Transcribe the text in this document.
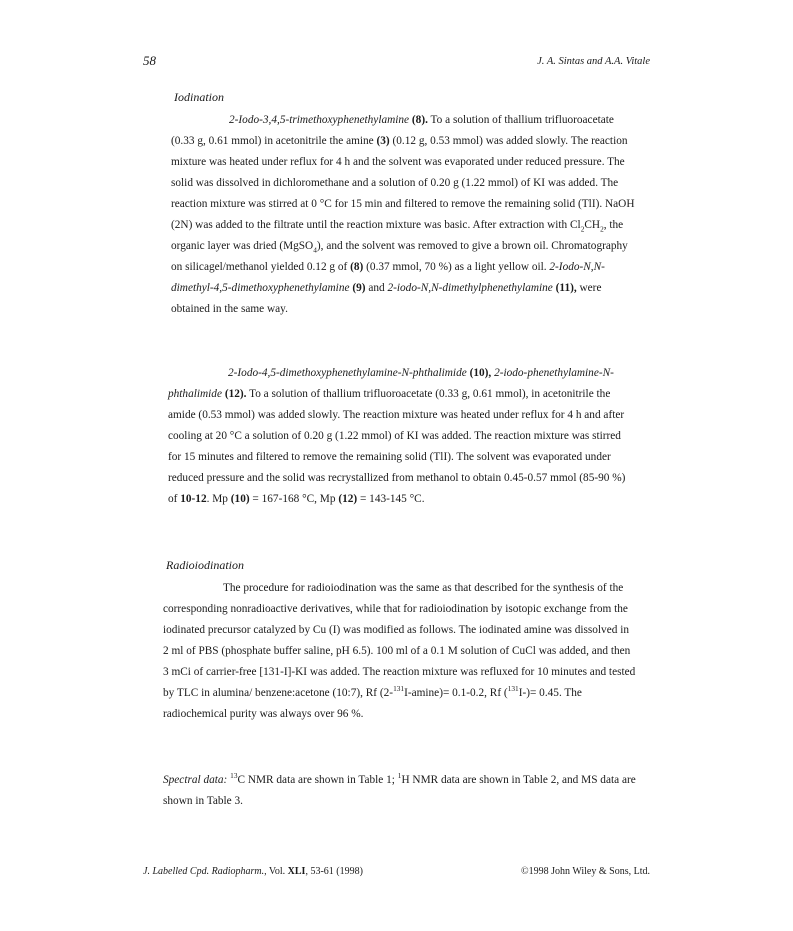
58	J. A. Sintas and A.A. Vitale
Iodination

2-Iodo-3,4,5-trimethoxyphenethylamine (8). To a solution of thallium trifluoroacetate (0.33 g, 0.61 mmol) in acetonitrile the amine (3) (0.12 g, 0.53 mmol) was added slowly. The reaction mixture was heated under reflux for 4 h and the solvent was evaporated under reduced pressure. The solid was dissolved in dichloromethane and a solution of 0.20 g (1.22 mmol) of KI was added. The reaction mixture was stirred at 0 °C for 15 min and filtered to remove the remaining solid (TlI). NaOH (2N) was added to the filtrate until the reaction mixture was basic. After extraction with $Cl_2CH_2$, the organic layer was dried (MgSO$_4$), and the solvent was removed to give a brown oil. Chromatography on silicagel/methanol yielded 0.12 g of (8) (0.37 mmol, 70 %) as a light yellow oil. 2-Iodo-N,N-dimethyl-4,5-dimethoxyphenethylamine (9) and 2-iodo-N,N-dimethylphenethylamine (11), were obtained in the same way.

2-Iodo-4,5-dimethoxyphenethylamine-N-phthalimide (10), 2-iodo-phenethylamine-N-phthalimide (12). To a solution of thallium trifluoroacetate (0.33 g, 0.61 mmol), in acetonitrile the amide (0.53 mmol) was added slowly. The reaction mixture was heated under reflux for 4 h and after cooling at 20 °C a solution of 0.20 g (1.22 mmol) of KI was added. The reaction mixture was stirred for 15 minutes and filtered to remove the remaining solid (TlI). The solvent was evaporated under reduced pressure and the solid was recrystallized from methanol to obtain 0.45-0.57 mmol (85-90 %) of 10-12. Mp (10) = 167-168 °C, Mp (12) = 143-145 °C.

Radioiodination

The procedure for radioiodination was the same as that described for the synthesis of the corresponding nonradioactive derivatives, while that for radioiodination by isotopic exchange from the iodinated precursor catalyzed by Cu (I) was modified as follows. The iodinated amine was dissolved in 2 ml of PBS (phosphate buffer saline, pH 6.5). 100 ml of a 0.1 M solution of CuCl was added, and then 3 mCi of carrier-free [131-I]-KI was added. The reaction mixture was refluxed for 10 minutes and tested by TLC in alumina/ benzene:acetone (10:7), Rf (2-$^{131}$I-amine)= 0.1-0.2, Rf ($^{131}$I-)= 0.45. The radiochemical purity was always over 96 %.

Spectral data: $^{13}$C NMR data are shown in Table 1; $^1$H NMR data are shown in Table 2, and MS data are shown in Table 3.

J. Labelled Cpd. Radiopharm., Vol. XLI, 53-61 (1998)	©1998 John Wiley & Sons, Ltd.
